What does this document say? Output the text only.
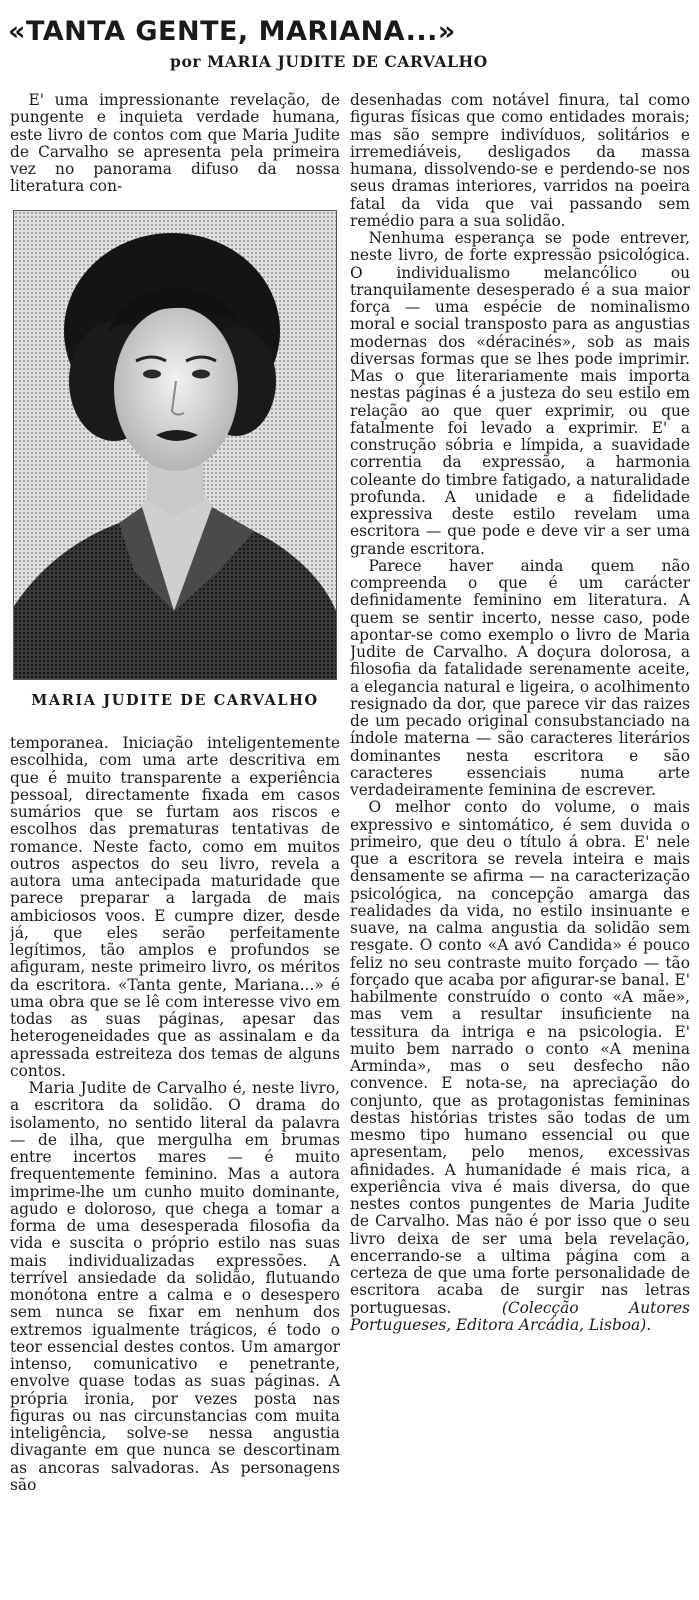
«TANTA GENTE, MARIANA...»
por MARIA JUDITE DE CARVALHO

E' uma impressionante revelação, de pungente e inquieta verdade humana, este livro de contos com que Maria Judite de Carvalho se apresenta pela primeira vez no panorama difuso da nossa literatura con-

MARIA JUDITE DE CARVALHO

temporanea. Iniciação inteligentemente escolhida, com uma arte descritiva em que é muito transparente a experiência pessoal, directamente fixada em casos sumários que se furtam aos riscos e escolhos das prematuras tentativas de romance. Neste facto, como em muitos outros aspectos do seu livro, revela a autora uma antecipada maturidade que parece preparar a largada de mais ambiciosos voos. E cumpre dizer, desde já, que eles serão perfeitamente legítimos, tão amplos e profundos se afiguram, neste primeiro livro, os méritos da escritora. «Tanta gente, Mariana...» é uma obra que se lê com interesse vivo em todas as suas páginas, apesar das heterogeneidades que as assinalam e da apressada estreiteza dos temas de alguns contos.

Maria Judite de Carvalho é, neste livro, a escritora da solidão. O drama do isolamento, no sentido literal da palavra — de ilha, que mergulha em brumas entre incertos mares — é muito frequentemente feminino. Mas a autora imprime-lhe um cunho muito dominante, agudo e doloroso, que chega a tomar a forma de uma desesperada filosofia da vida e suscita o próprio estilo nas suas mais individualizadas expressões. A terrível ansiedade da solidão, flutuando monótona entre a calma e o desespero sem nunca se fixar em nenhum dos extremos igualmente trágicos, é todo o teor essencial destes contos. Um amargor intenso, comunicativo e penetrante, envolve quase todas as suas páginas. A própria ironia, por vezes posta nas figuras ou nas circunstancias com muita inteligência, solve-se nessa angustia divagante em que nunca se descortinam as ancoras salvadoras. As personagens são

desenhadas com notável finura, tal como figuras físicas que como entidades morais; mas são sempre indivíduos, solitários e irremediáveis, desligados da massa humana, dissolvendo-se e perdendo-se nos seus dramas interiores, varridos na poeira fatal da vida que vai passando sem remédio para a sua solidão.

Nenhuma esperança se pode entrever, neste livro, de forte expressão psicológica. O individualismo melancólico ou tranquilamente desesperado é a sua maior força — uma espécie de nominalismo moral e social transposto para as angustias modernas dos «déracinés», sob as mais diversas formas que se lhes pode imprimir. Mas o que literariamente mais importa nestas páginas é a justeza do seu estilo em relação ao que quer exprimir, ou que fatalmente foi levado a exprimir. E' a construção sóbria e límpida, a suavidade correntia da expressão, a harmonia coleante do timbre fatigado, a naturalidade profunda. A unidade e a fidelidade expressiva deste estilo revelam uma escritora — que pode e deve vir a ser uma grande escritora.

Parece haver ainda quem não compreenda o que é um carácter definidamente feminino em literatura. A quem se sentir incerto, nesse caso, pode apontar-se como exemplo o livro de Maria Judite de Carvalho. A doçura dolorosa, a filosofia da fatalidade serenamente aceite, a elegancia natural e ligeira, o acolhimento resignado da dor, que parece vir das raizes de um pecado original consubstanciado na índole materna — são caracteres literários dominantes nesta escritora e são caracteres essenciais numa arte verdadeiramente feminina de escrever.

O melhor conto do volume, o mais expressivo e sintomático, é sem duvida o primeiro, que deu o título á obra. E' nele que a escritora se revela inteira e mais densamente se afirma — na caracterização psicológica, na concepção amarga das realidades da vida, no estilo insinuante e suave, na calma angustia da solidão sem resgate. O conto «A avó Candida» é pouco feliz no seu contraste muito forçado — tão forçado que acaba por afigurar-se banal. E' habilmente construído o conto «A mãe», mas vem a resultar insuficiente na tessitura da intriga e na psicologia. E' muito bem narrado o conto «A menina Arminda», mas o seu desfecho não convence. E nota-se, na apreciação do conjunto, que as protagonistas femininas destas histórias tristes são todas de um mesmo tipo humano essencial ou que apresentam, pelo menos, excessivas afinidades. A humanidade é mais rica, a experiência viva é mais diversa, do que nestes contos pungentes de Maria Judite de Carvalho. Mas não é por isso que o seu livro deixa de ser uma bela revelação, encerrando-se a ultima página com a certeza de que uma forte personalidade de escritora acaba de surgir nas letras portuguesas.	(Colecção Autores Portugueses, Editora Arcádia, Lisboa).
